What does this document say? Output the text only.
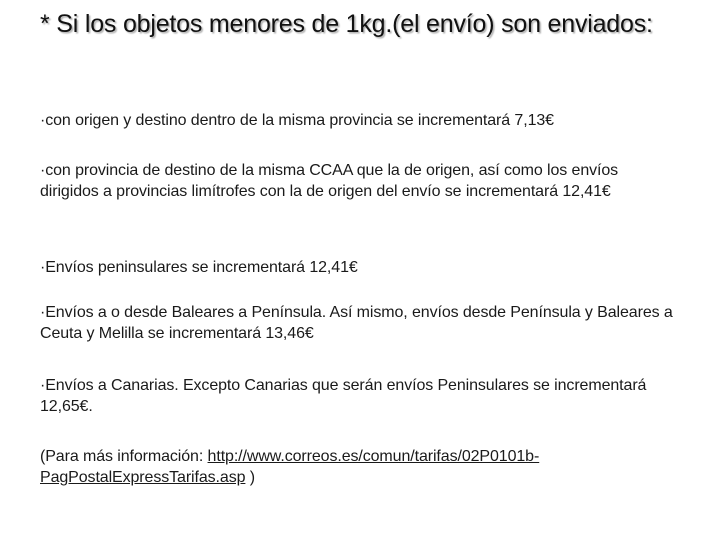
* Si los objetos menores de 1kg.(el envío) son enviados:

·con origen y destino dentro de la misma provincia se incrementará 7,13€

·con provincia de destino de la misma CCAA que la de origen, así como los envíos dirigidos a provincias limítrofes con la de origen del envío se incrementará 12,41€

·Envíos peninsulares se incrementará 12,41€

·Envíos a o desde Baleares a Península. Así mismo, envíos desde Península y Baleares a Ceuta y Melilla se incrementará 13,46€

·Envíos a Canarias. Excepto Canarias que serán envíos Peninsulares se incrementará 12,65€.

(Para más información: http://www.correos.es/comun/tarifas/02P0101b-PagPostalExpressTarifas.asp )
